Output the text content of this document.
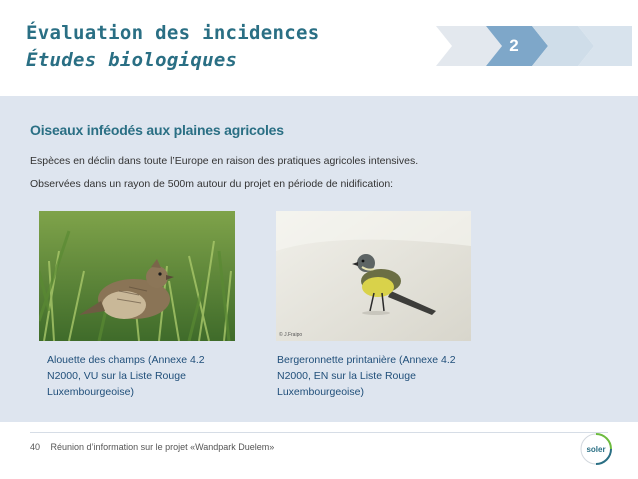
Évaluation des incidences
Études biologiques
2
Oiseaux inféodés aux plaines agricoles
Espèces en déclin dans toute l’Europe en raison des pratiques agricoles intensives.
Observées dans un rayon de 500m autour du projet en période de nidification:
© J.Fraipo
Alouette des champs (Annexe 4.2 N2000, VU sur la Liste Rouge Luxembourgeoise)
Bergeronnette printanière (Annexe 4.2 N2000, EN sur la Liste Rouge Luxembourgeoise)
40 Réunion d’information sur le projet «Wandpark Duelem»	soler
